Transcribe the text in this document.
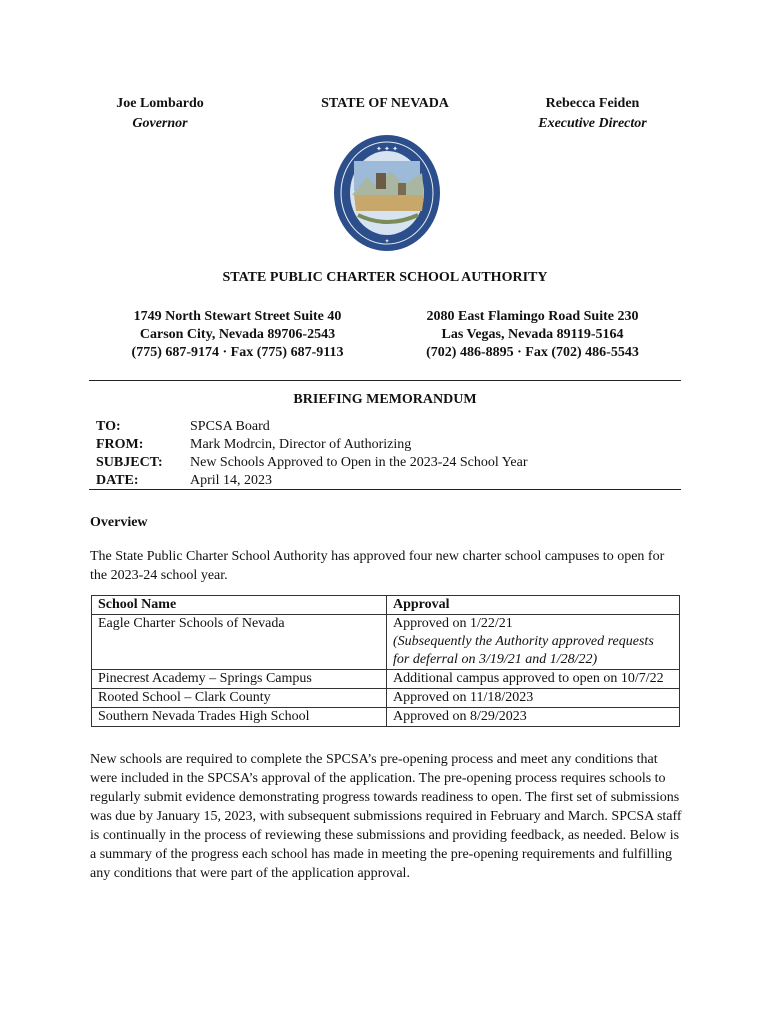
Joe Lombardo
Governor
STATE OF NEVADA	Rebecca Feiden
Executive Director
✦ ✦ ✦
✦
STATE PUBLIC CHARTER SCHOOL AUTHORITY
1749 North Stewart Street Suite 40
Carson City, Nevada 89706-2543
(775) 687-9174 · Fax (775) 687-9113
2080 East Flamingo Road Suite 230
Las Vegas, Nevada 89119-5164
(702) 486-8895 · Fax (702) 486-5543
BRIEFING MEMORANDUM
TO:	SPCSA Board
FROM:	Mark Modrcin, Director of Authorizing
SUBJECT:	New Schools Approved to Open in the 2023-24 School Year
DATE:	April 14, 2023
Overview
The State Public Charter School Authority has approved four new charter school campuses to open for the 2023-24 school year.
School Name	Approval
Eagle Charter Schools of Nevada	Approved on 1/22/21
(Subsequently the Authority approved requests for deferral on 3/19/21 and 1/28/22)

Pinecrest Academy – Springs Campus	Additional campus approved to open on 10/7/22
Rooted School – Clark County	Approved on 11/18/2023
Southern Nevada Trades High School	Approved on 8/29/2023
New schools are required to complete the SPCSA’s pre-opening process and meet any conditions that were included in the SPCSA’s approval of the application. The pre-opening process requires schools to regularly submit evidence demonstrating progress towards readiness to open. The first set of submissions was due by January 15, 2023, with subsequent submissions required in February and March. SPCSA staff is continually in the process of reviewing these submissions and providing feedback, as needed. Below is a summary of the progress each school has made in meeting the pre-opening requirements and fulfilling any conditions that were part of the application approval.
